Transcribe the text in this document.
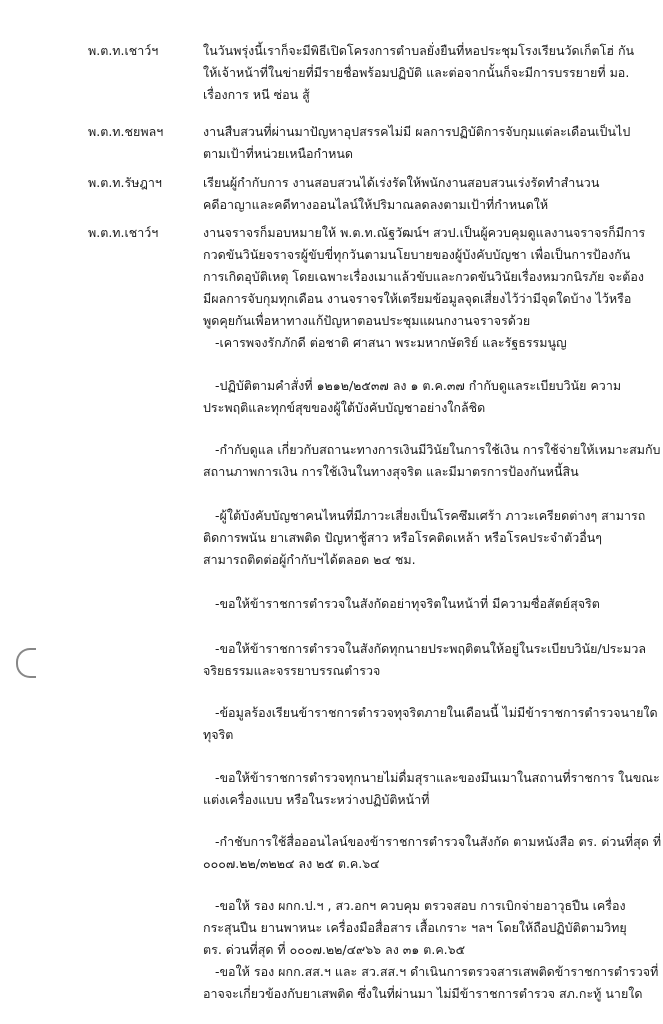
พ.ต.ท.เชาว์ฯ	ในวันพรุ่งนี้เราก็จะมีพิธีเปิดโครงการตำบลยั่งยืนที่หอประชุมโรงเรียนวัดเก็ตโฮ่ กัน
ให้เจ้าหน้าที่ในข่ายที่มีรายชื่อพร้อมปฏิบัติ และต่อจากนั้นก็จะมีการบรรยายที่ มอ.
เรื่องการ หนี ซ่อน สู้
พ.ต.ท.ชยพลฯ	งานสืบสวนที่ผ่านมาปัญหาอุปสรรคไม่มี ผลการปฏิบัติการจับกุมแต่ละเดือนเป็นไป
ตามเป้าที่หน่วยเหนือกำหนด
พ.ต.ท.รัษฎาฯ	เรียนผู้กำกับการ งานสอบสวนได้เร่งรัดให้พนักงานสอบสวนเร่งรัดทำสำนวน
คดีอาญาและคดีทางออนไลน์ให้ปริมาณลดลงตามเป้าที่กำหนดให้
พ.ต.ท.เชาว์ฯ	งานจราจรก็มอบหมายให้ พ.ต.ท.ณัฐวัฒน์ฯ สวป.เป็นผู้ควบคุมดูแลงานจราจรก็มีการ
กวดขันวินัยจราจรผู้ขับขี่ทุกวันตามนโยบายของผู้บังคับบัญชา เพื่อเป็นการป้องกัน
การเกิดอุบัติเหตุ โดยเฉพาะเรื่องเมาแล้วขับและกวดขันวินัยเรื่องหมวกนิรภัย จะต้อง
มีผลการจับกุมทุกเดือน งานจราจรให้เตรียมข้อมูลจุดเสี่ยงไว้ว่ามีจุดใดบ้าง ไว้หรือ
พูดคุยกันเพื่อหาทางแก้ปัญหาตอนประชุมแผนกงานจราจรด้วย
-เคารพจงรักภักดี ต่อชาติ ศาสนา พระมหากษัตริย์ และรัฐธรรมนูญ
-ปฏิบัติตามคำสั่งที่ ๑๒๑๒/๒๕๓๗ ลง ๑ ต.ค.๓๗ กำกับดูแลระเบียบวินัย ความ
ประพฤติและทุกข์สุขของผู้ใต้บังคับบัญชาอย่างใกล้ชิด
-กำกับดูแล เกี่ยวกับสถานะทางการเงินมีวินัยในการใช้เงิน การใช้จ่ายให้เหมาะสมกับ
สถานภาพการเงิน การใช้เงินในทางสุจริต และมีมาตรการป้องกันหนี้สิน
-ผู้ใต้บังคับบัญชาคนไหนที่มีภาวะเสี่ยงเป็นโรคซึมเศร้า ภาวะเครียดต่างๆ สามารถ
ติดการพนัน ยาเสพติด ปัญหาชู้สาว หรือโรคติดเหล้า หรือโรคประจำตัวอื่นๆ
สามารถติดต่อผู้กำกับฯได้ตลอด ๒๔ ชม.
-ขอให้ข้าราชการตำรวจในสังกัดอย่าทุจริตในหน้าที่ มีความซื่อสัตย์สุจริต
-ขอให้ข้าราชการตำรวจในสังกัดทุกนายประพฤติตนให้อยู่ในระเบียบวินัย/ประมวล
จริยธรรมและจรรยาบรรณตำรวจ
-ข้อมูลร้องเรียนข้าราชการตำรวจทุจริตภายในเดือนนี้ ไม่มีข้าราชการตำรวจนายใด
ทุจริต
-ขอให้ข้าราชการตำรวจทุกนายไม่ดื่มสุราและของมึนเมาในสถานที่ราชการ ในขณะ
แต่งเครื่องแบบ หรือในระหว่างปฏิบัติหน้าที่
-กำชับการใช้สื่อออนไลน์ของข้าราชการตำรวจในสังกัด ตามหนังสือ ตร. ด่วนที่สุด ที่
๐๐๐๗.๒๒/๓๒๒๔ ลง ๒๕ ต.ค.๖๔
-ขอให้ รอง ผกก.ป.ฯ , สว.อกฯ ควบคุม ตรวจสอบ การเบิกจ่ายอาวุธปืน เครื่อง
กระสุนปืน ยานพาหนะ เครื่องมือสื่อสาร เสื้อเกราะ ฯลฯ โดยให้ถือปฏิบัติตามวิทยุ
ตร. ด่วนที่สุด ที่ ๐๐๐๗.๒๒/๔๙๖๖ ลง ๓๑ ต.ค.๖๕
-ขอให้ รอง ผกก.สส.ฯ และ สว.สส.ฯ ดำเนินการตรวจสารเสพติดข้าราชการตำรวจที่
อาจจะเกี่ยวข้องกับยาเสพติด ซึ่งในที่ผ่านมา ไม่มีข้าราชการตำรวจ สภ.กะทู้ นายใด
